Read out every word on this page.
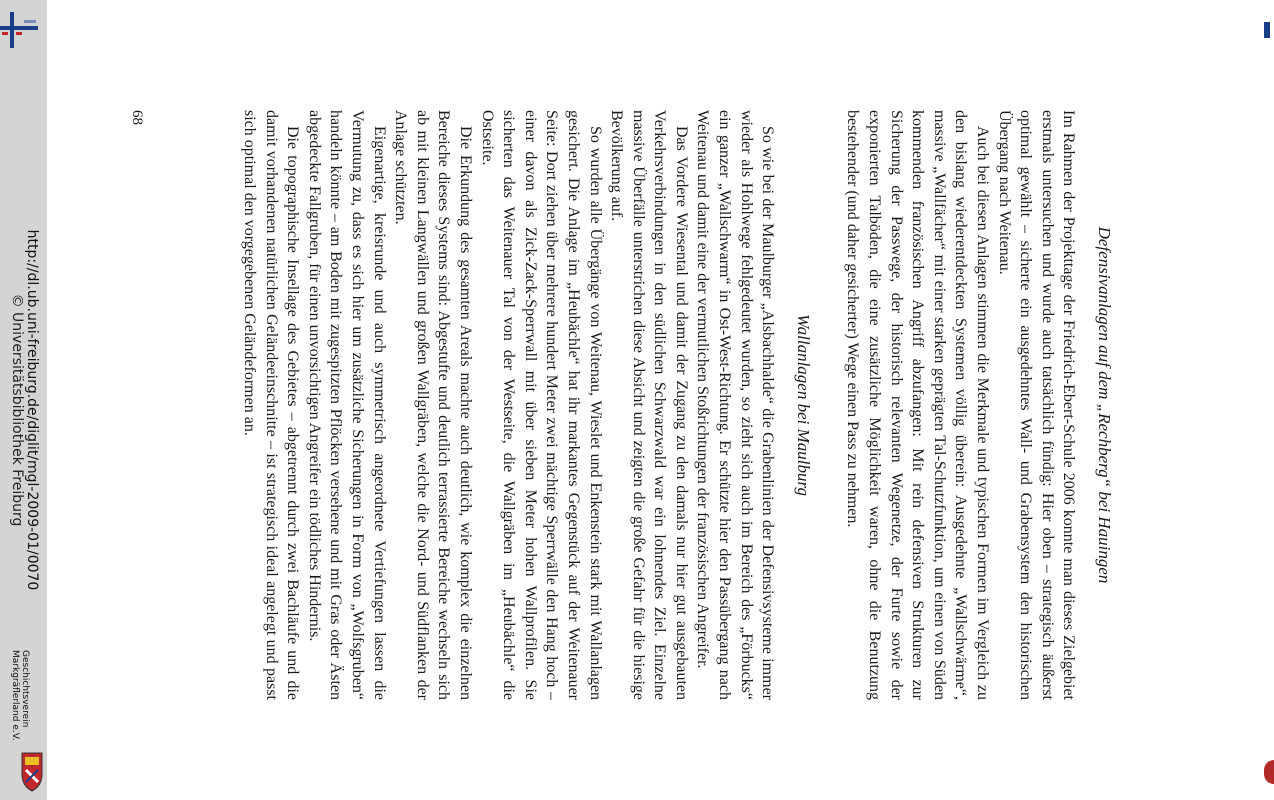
http://dl.ub.uni-freiburg.de/diglit/mgl-2009-01/0070
© Universitätsbibliothek Freiburg
Geschichtsverein
Markgräflerland e.V.

Defensivanlagen auf dem „Rechberg“ bei Hauingen

Im Rahmen der Projekttage der Friedrich-Ebert-Schule 2006 konnte man dieses Zielgebiet erstmals untersuchen und wurde auch tatsächlich fündig: Hier oben – strategisch äußerst optimal gewählt – sicherte ein ausgedehntes Wall- und Grabensystem den historischen Übergang nach Weitenau.

Auch bei diesen Anlagen stimmen die Merkmale und typischen Formen im Vergleich zu den bislang wiederentdeckten Systemen völlig überein: Ausgedehnte „Wallschwärme“, massive „Wallfächer“ mit einer starken geprägten Tal-Schutzfunktion, um einen von Süden kommenden französischen Angriff abzufangen: Mit rein defensiven Strukturen zur Sicherung der Passwege, der historisch relevanten Wegenetze, der Furte sowie der exponierten Talböden, die eine zusätzliche Möglichkeit waren, ohne die Benutzung bestehender (und daher gesicherter) Wege einen Pass zu nehmen.

Wallanlagen bei Maulburg

So wie bei der Maulburger „Alsbachhalde“ die Grabenlinien der Defensivsysteme immer wieder als Hohlwege fehlgedeutet wurden, so zieht sich auch im Bereich des „Förbucks“ ein ganzer „Wallschwarm“ in Ost-West-Richtung. Er schützte hier den Passübergang nach Weitenau und damit eine der vermutlichen Stoßrichtungen der französischen Angreifer.

Das Vordere Wiesental und damit der Zugang zu den damals nur hier gut ausgebauten Verkehrsverbindungen in den südlichen Schwarzwald war ein lohnendes Ziel. Einzelne massive Überfälle unterstrichen diese Absicht und zeigten die große Gefahr für die hiesige Bevölkerung auf.

So wurden alle Übergänge von Weitenau, Wieslet und Enkenstein stark mit Wallanlagen gesichert. Die Anlage im „Heubächle“ hat ihr markantes Gegenstück auf der Weitenauer Seite: Dort ziehen über mehrere hundert Meter zwei mächtige Sperrwälle den Hang hoch – einer davon als Zick-Zack-Sperrwall mit über sieben Meter hohen Wallprofilen. Sie sicherten das Weitenauer Tal von der Westseite, die Wallgräben im „Heubächle“ die Ostseite.

Die Erkundung des gesamten Areals machte auch deutlich, wie komplex die einzelnen Bereiche dieses Systems sind: Abgestufte und deutlich terrassierte Bereiche wechseln sich ab mit kleinen Langwällen und großen Wallgräben, welche die Nord- und Südflanken der Anlage schützten.

Eigenartige, kreisrunde und auch symmetrisch angeordnete Vertiefungen lassen die Vermutung zu, dass es sich hier um zusätzliche Sicherungen in Form von „Wolfsgruben“ handeln könnte – am Boden mit zugespitzten Pflöcken versehene und mit Gras oder Ästen abgedeckte Fallgruben, für einen unvorsichtigen Angreifer ein tödliches Hindernis.

Die topographische Insellage des Gebietes – abgetrennt durch zwei Bachläufe und die damit vorhandenen natürlichen Geländeeinschnitte – ist strategisch ideal angelegt und passt sich optimal den vorgegebenen Geländeformen an.

68
